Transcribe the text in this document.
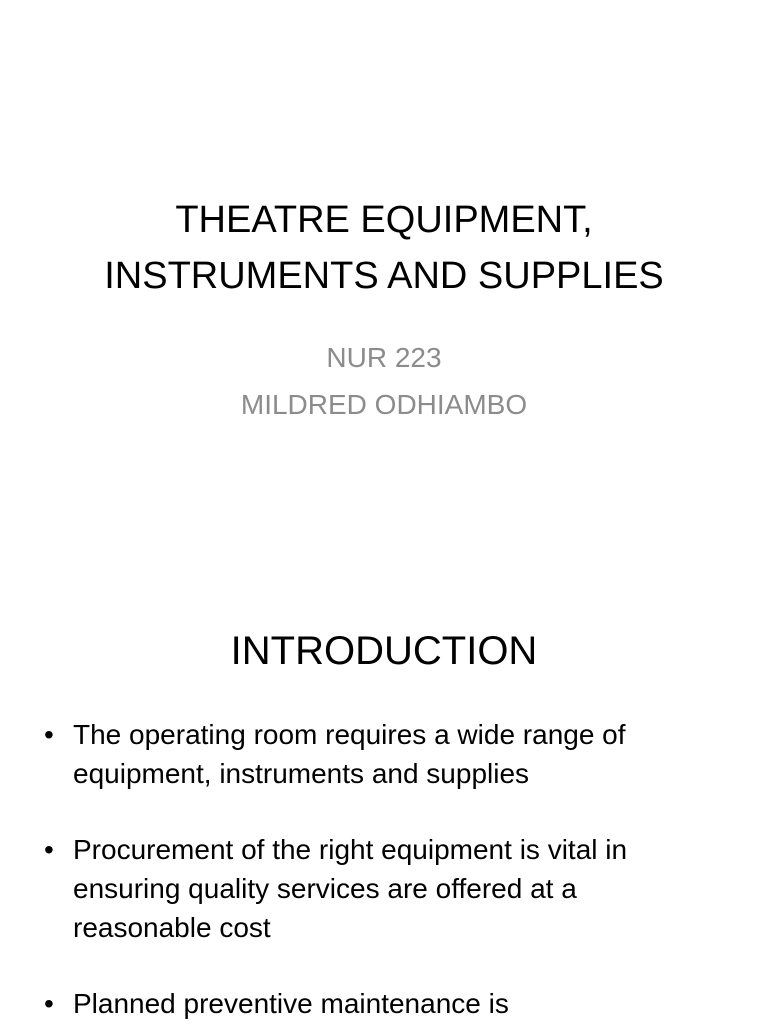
THEATRE EQUIPMENT,
INSTRUMENTS AND SUPPLIES
NUR 223
MILDRED ODHIAMBO
INTRODUCTION
• The operating room requires a wide range of equipment, instruments and supplies
• Procurement of the right equipment is vital in ensuring quality services are offered at a reasonable cost
• Planned preventive maintenance is
